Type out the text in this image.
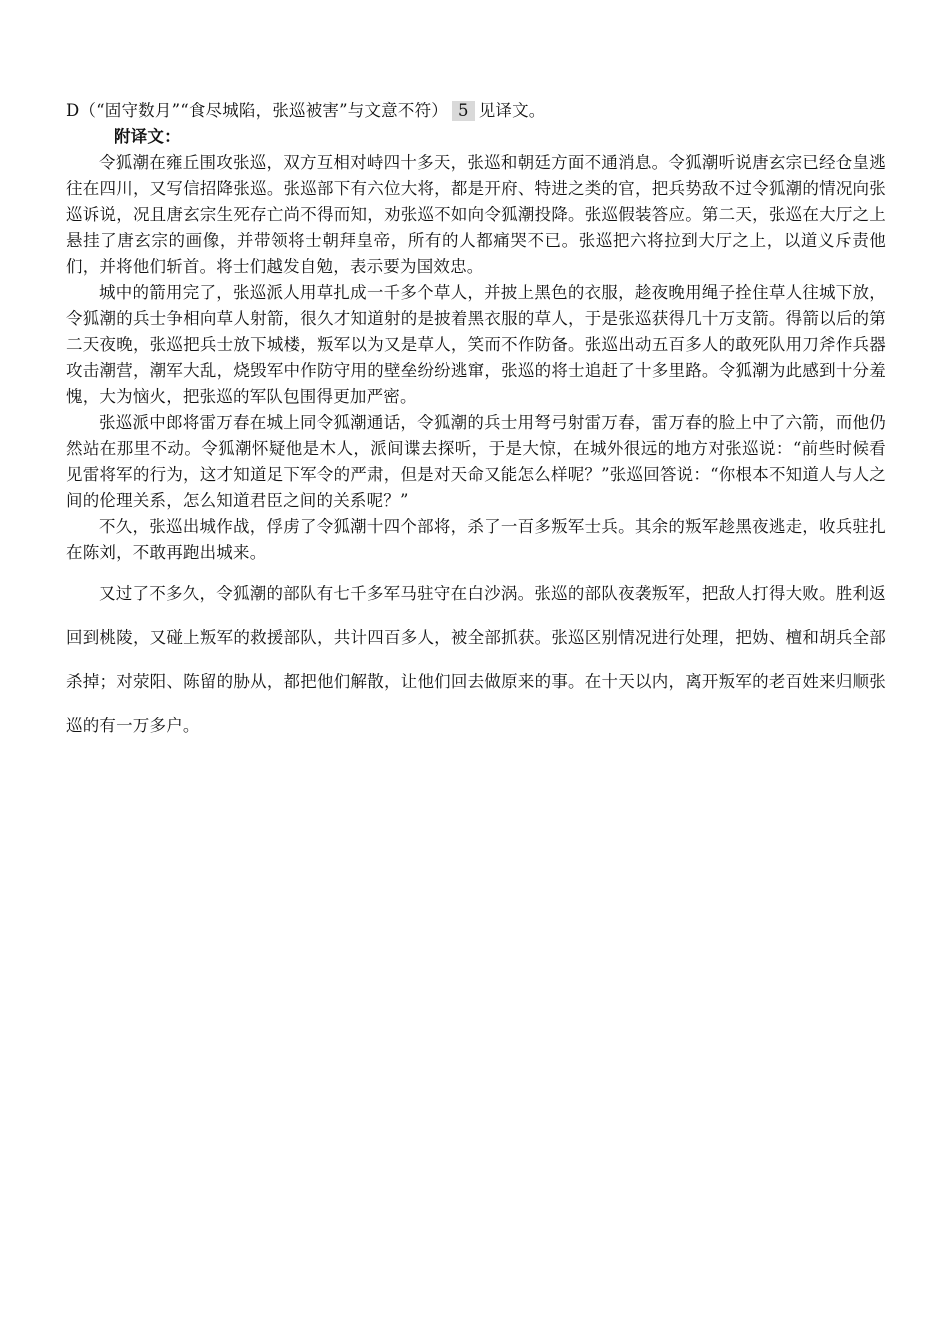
D（“固守数月”“食尽城陷，张巡被害”与文意不符） 5 见译文。

附译文：

令狐潮在雍丘围攻张巡，双方互相对峙四十多天，张巡和朝廷方面不通消息。令狐潮听说唐玄宗已经仓皇逃往在四川，又写信招降张巡。张巡部下有六位大将，都是开府、特进之类的官，把兵势敌不过令狐潮的情况向张巡诉说，况且唐玄宗生死存亡尚不得而知，劝张巡不如向令狐潮投降。张巡假装答应。第二天，张巡在大厅之上悬挂了唐玄宗的画像，并带领将士朝拜皇帝，所有的人都痛哭不已。张巡把六将拉到大厅之上，以道义斥责他们，并将他们斩首。将士们越发自勉，表示要为国效忠。

城中的箭用完了，张巡派人用草扎成一千多个草人，并披上黑色的衣服，趁夜晚用绳子拴住草人往城下放，令狐潮的兵士争相向草人射箭，很久才知道射的是披着黑衣服的草人，于是张巡获得几十万支箭。得箭以后的第二天夜晚，张巡把兵士放下城楼，叛军以为又是草人，笑而不作防备。张巡出动五百多人的敢死队用刀斧作兵器攻击潮营，潮军大乱，烧毁军中作防守用的壁垒纷纷逃窜，张巡的将士追赶了十多里路。令狐潮为此感到十分羞愧，大为恼火，把张巡的军队包围得更加严密。

张巡派中郎将雷万春在城上同令狐潮通话，令狐潮的兵士用弩弓射雷万春，雷万春的脸上中了六箭，而他仍然站在那里不动。令狐潮怀疑他是木人，派间谍去探听，于是大惊，在城外很远的地方对张巡说：“前些时候看见雷将军的行为，这才知道足下军令的严肃，但是对天命又能怎么样呢？”张巡回答说：“你根本不知道人与人之间的伦理关系，怎么知道君臣之间的关系呢？”

不久，张巡出城作战，俘虏了令狐潮十四个部将，杀了一百多叛军士兵。其余的叛军趁黑夜逃走，收兵驻扎在陈刘，不敢再跑出城来。

又过了不多久，令狐潮的部队有七千多军马驻守在白沙涡。张巡的部队夜袭叛军，把敌人打得大败。胜利返回到桃陵，又碰上叛军的救援部队，共计四百多人，被全部抓获。张巡区别情况进行处理，把妫、檀和胡兵全部杀掉；对荥阳、陈留的胁从，都把他们解散，让他们回去做原来的事。在十天以内，离开叛军的老百姓来归顺张巡的有一万多户。
